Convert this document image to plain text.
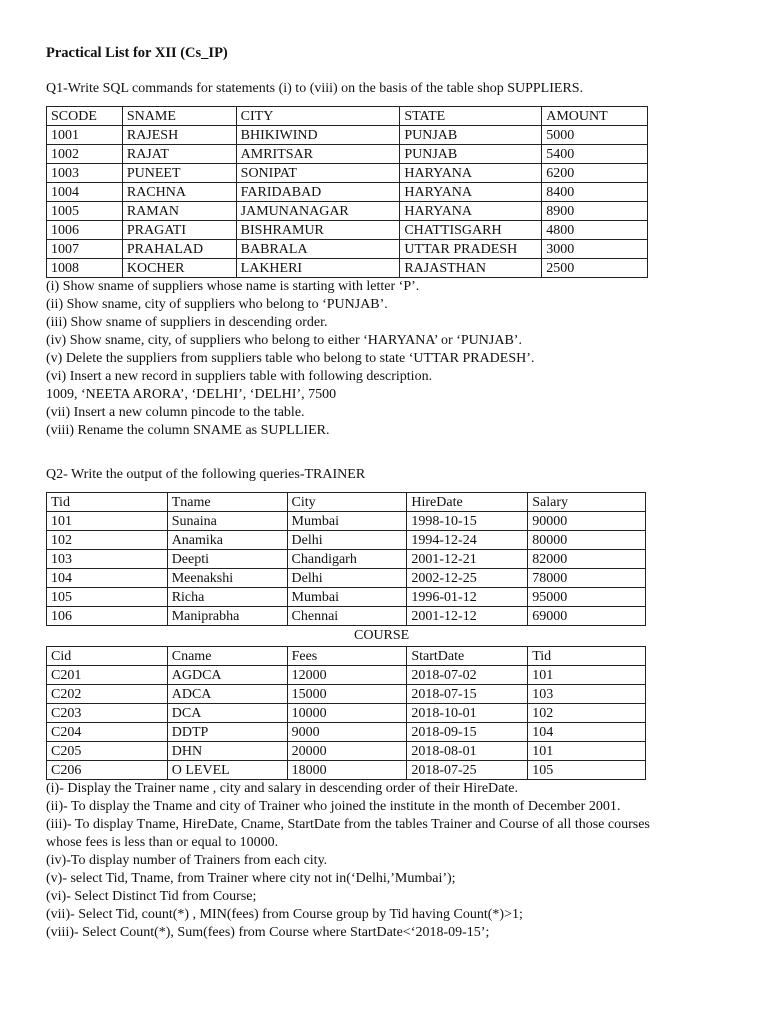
Practical List for XII (Cs_IP)
Q1-Write SQL commands for statements (i) to (viii) on the basis of the table shop SUPPLIERS.
SCODE	SNAME	CITY	STATE	AMOUNT
1001	RAJESH	BHIKIWIND	PUNJAB	5000
1002	RAJAT	AMRITSAR	PUNJAB	5400
1003	PUNEET	SONIPAT	HARYANA	6200
1004	RACHNA	FARIDABAD	HARYANA	8400
1005	RAMAN	JAMUNANAGAR	HARYANA	8900
1006	PRAGATI	BISHRAMUR	CHATTISGARH	4800
1007	PRAHALAD	BABRALA	UTTAR PRADESH	3000
1008	KOCHER	LAKHERI	RAJASTHAN	2500
(i) Show sname of suppliers whose name is starting with letter ‘P’.
(ii) Show sname, city of suppliers who belong to ‘PUNJAB’.
(iii) Show sname of suppliers in descending order.
(iv) Show sname, city, of suppliers who belong to either ‘HARYANA’ or ‘PUNJAB’.
(v) Delete the suppliers from suppliers table who belong to state ‘UTTAR PRADESH’.
(vi) Insert a new record in suppliers table with following description.
1009, ‘NEETA ARORA’, ‘DELHI’, ‘DELHI’, 7500
(vii) Insert a new column pincode to the table.
(viii) Rename the column SNAME as SUPLLIER.
Q2- Write the output of the following queries-TRAINER
Tid	Tname	City	HireDate	Salary
101	Sunaina	Mumbai	1998-10-15	90000
102	Anamika	Delhi	1994-12-24	80000
103	Deepti	Chandigarh	2001-12-21	82000
104	Meenakshi	Delhi	2002-12-25	78000
105	Richa	Mumbai	1996-01-12	95000
106	Maniprabha	Chennai	2001-12-12	69000
COURSE
Cid	Cname	Fees	StartDate	Tid
C201	AGDCA	12000	2018-07-02	101
C202	ADCA	15000	2018-07-15	103
C203	DCA	10000	2018-10-01	102
C204	DDTP	9000	2018-09-15	104
C205	DHN	20000	2018-08-01	101
C206	O LEVEL	18000	2018-07-25	105
(i)- Display the Trainer name , city and salary in descending order of their HireDate.
(ii)- To display the Tname and city of Trainer who joined the institute in the month of December 2001.
(iii)- To display Tname, HireDate, Cname, StartDate from the tables Trainer and Course of all those courses
whose fees is less than or equal to 10000.
(iv)-To display number of Trainers from each city.
(v)- select Tid, Tname, from Trainer where city not in(‘Delhi,’Mumbai’);
(vi)- Select Distinct Tid from Course;
(vii)- Select Tid, count(*) , MIN(fees) from Course group by Tid having Count(*)>1;
(viii)- Select Count(*), Sum(fees) from Course where StartDate<‘2018-09-15’;
